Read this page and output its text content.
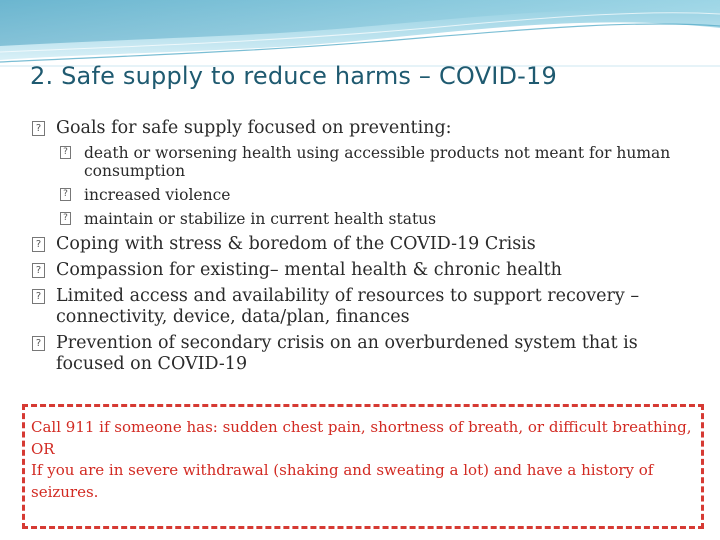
2. Safe supply to reduce harms – COVID-19
? Goals for safe supply focused on preventing:
? death or worsening health using accessible products not meant for human consumption
? increased violence
? maintain or stabilize in current health status
? Coping with stress & boredom of the COVID-19 Crisis
? Compassion for existing– mental health & chronic health
? Limited access and availability of resources to support recovery – connectivity, device, data/plan, finances
? Prevention of secondary crisis on an overburdened system that is focused on COVID-19

Call 911 if someone has: sudden chest pain, shortness of breath, or difficult breathing,

OR

If you are in severe withdrawal (shaking and sweating a lot) and have a history of seizures.
